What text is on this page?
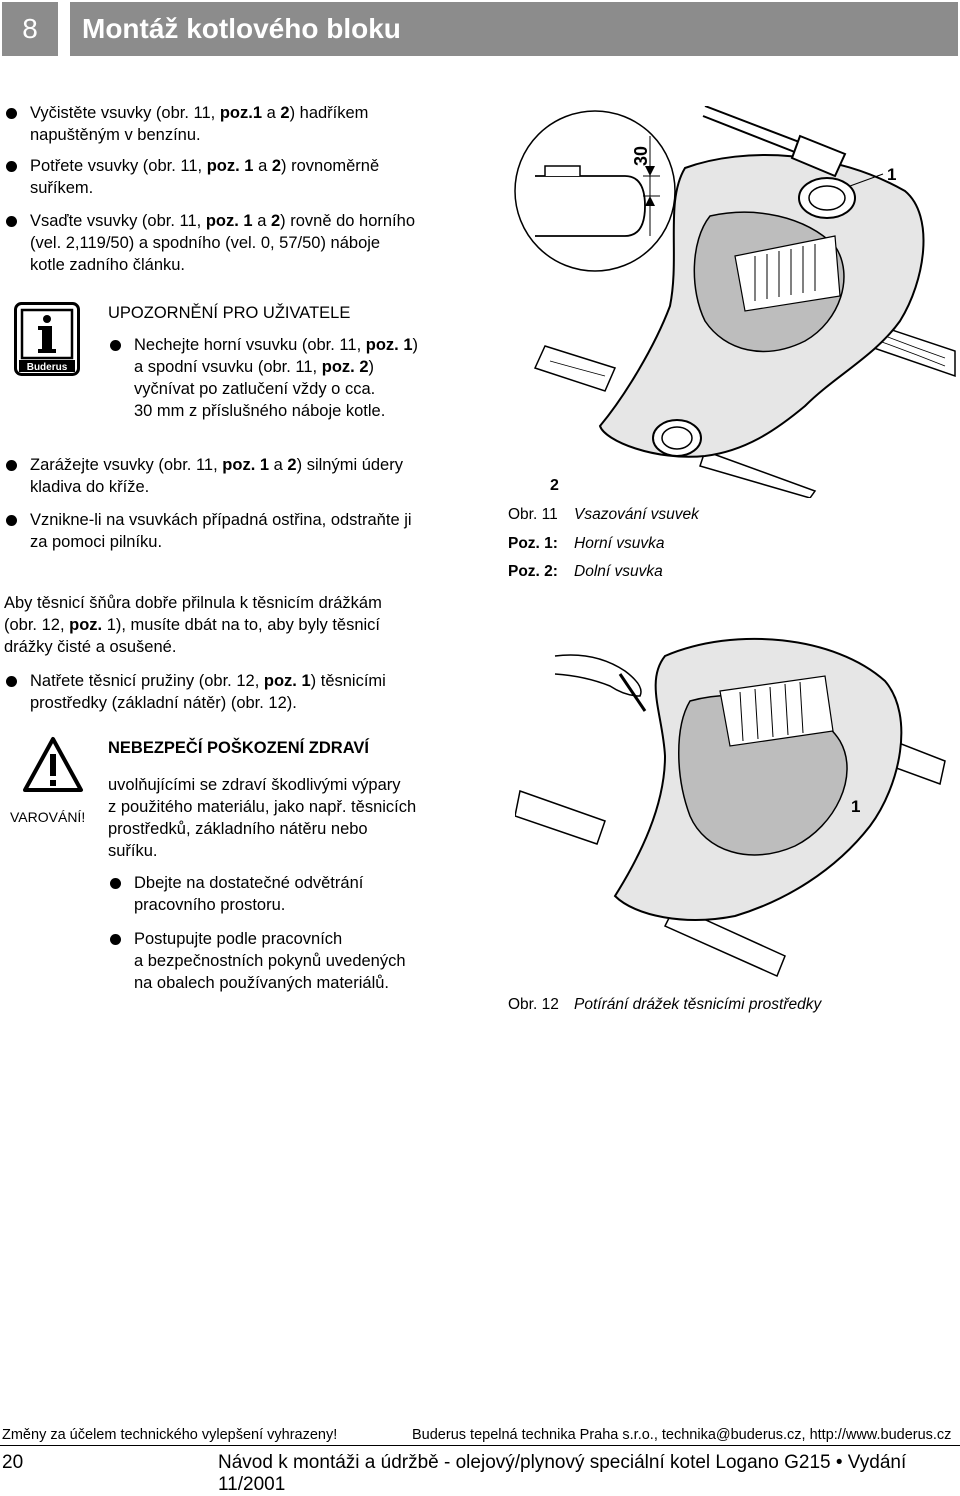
8	Montáž kotlového bloku
Vyčistěte vsuvky (obr. 11, poz.1 a 2) hadříkem
napuštěným v benzínu.
Potřete vsuvky (obr. 11, poz. 1 a 2) rovnoměrně
suříkem.
Vsaďte vsuvky (obr. 11, poz. 1 a 2) rovně do horního
(vel. 2,119/50) a spodního (vel. 0, 57/50) náboje
kotle zadního článku.
Buderus
UPOZORNĚNÍ PRO UŽIVATELE
Nechejte horní vsuvku (obr. 11, poz. 1)
a spodní vsuvku (obr. 11, poz. 2)
vyčnívat po zatlučení vždy o cca.
30 mm z příslušného náboje kotle.
Zarážejte vsuvky (obr. 11, poz. 1 a 2) silnými údery
kladiva do kříže.
Vznikne-li na vsuvkách případná ostřina, odstraňte ji
za pomoci pilníku.
Aby těsnicí šňůra dobře přilnula k těsnicím drážkám
(obr. 12, poz. 1), musíte dbát na to, aby byly těsnicí
drážky čisté a osušené.
Natřete těsnicí pružiny (obr. 12, poz. 1) těsnicími
prostředky (základní nátěr) (obr. 12).
VAROVÁNÍ!
NEBEZPEČÍ POŠKOZENÍ ZDRAVÍ
uvolňujícími se zdraví škodlivými výpary
z použitého materiálu, jako např. těsnicích
prostředků, základního nátěru nebo
suříku.
Dbejte na dostatečné odvětrání
pracovního prostoru.
Postupujte podle pracovních
a bezpečnostních pokynů uvedených
na obalech používaných materiálů.
30
1
2
Obr. 11 Vsazování vsuvek
Poz. 1: Horní vsuvka
Poz. 2: Dolní vsuvka
1
Obr. 12 Potírání drážek těsnicími prostředky
Změny za účelem technického vylepšení vyhrazeny!	Buderus tepelná technika Praha s.r.o., technika@buderus.cz, http://www.buderus.cz
20	Návod k montáži a údržbě - olejový/plynový speciální kotel Logano G215 • Vydání 11/2001
